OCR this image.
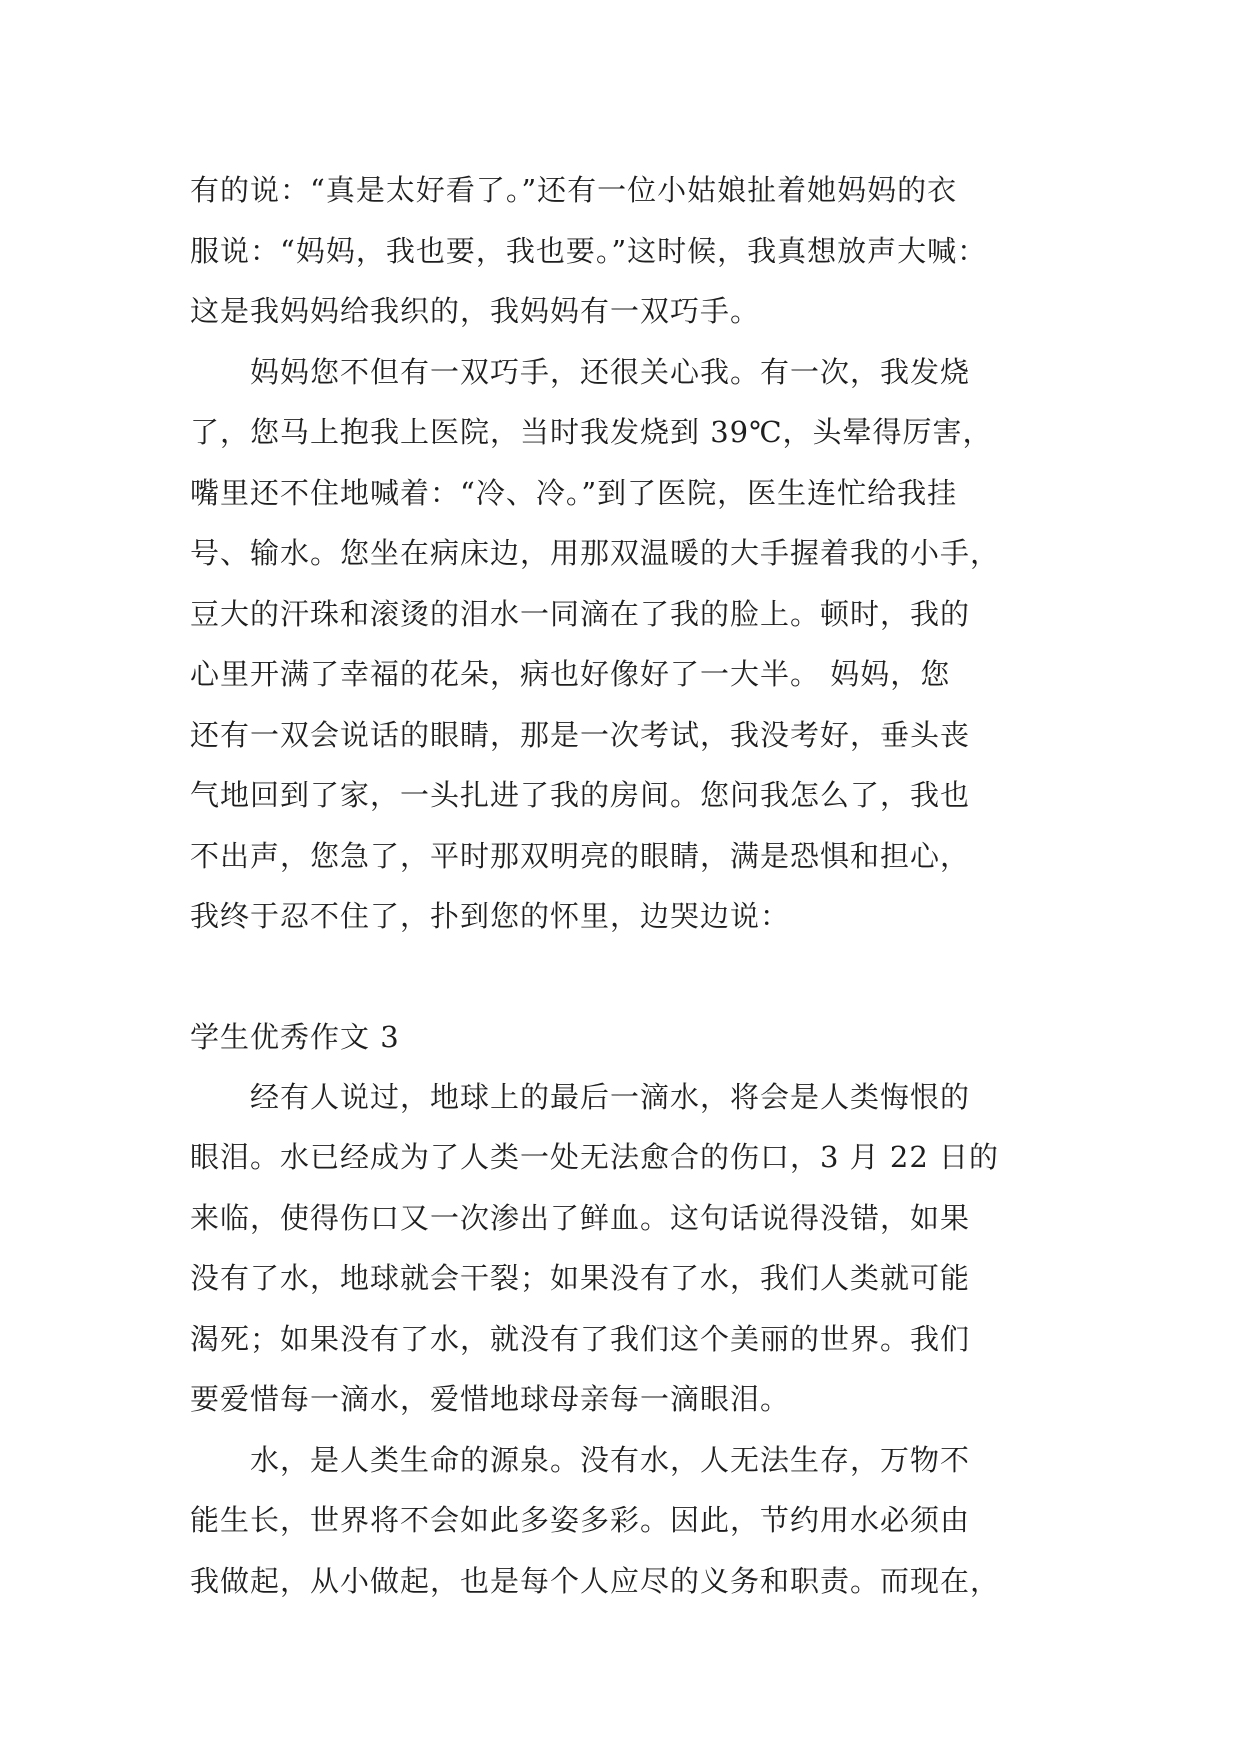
有的说：“真是太好看了。”还有一位小姑娘扯着她妈妈的衣
服说：“妈妈，我也要，我也要。”这时候，我真想放声大喊：
这是我妈妈给我织的，我妈妈有一双巧手。
　　妈妈您不但有一双巧手，还很关心我。有一次，我发烧
了，您马上抱我上医院，当时我发烧到 39℃，头晕得厉害，
嘴里还不住地喊着：“冷、冷。”到了医院，医生连忙给我挂
号、输水。您坐在病床边，用那双温暖的大手握着我的小手，
豆大的汗珠和滚烫的泪水一同滴在了我的脸上。顿时，我的
心里开满了幸福的花朵，病也好像好了一大半。 妈妈，您
还有一双会说话的眼睛，那是一次考试，我没考好，垂头丧
气地回到了家，一头扎进了我的房间。您问我怎么了，我也
不出声，您急了，平时那双明亮的眼睛，满是恐惧和担心，
我终于忍不住了，扑到您的怀里，边哭边说：
学生优秀作文 3
　　经有人说过，地球上的最后一滴水，将会是人类悔恨的
眼泪。水已经成为了人类一处无法愈合的伤口，3 月 22 日的
来临，使得伤口又一次渗出了鲜血。这句话说得没错，如果
没有了水，地球就会干裂；如果没有了水，我们人类就可能
渴死；如果没有了水，就没有了我们这个美丽的世界。我们
要爱惜每一滴水，爱惜地球母亲每一滴眼泪。
　　水，是人类生命的源泉。没有水，人无法生存，万物不
能生长，世界将不会如此多姿多彩。因此，节约用水必须由
我做起，从小做起，也是每个人应尽的义务和职责。而现在，
